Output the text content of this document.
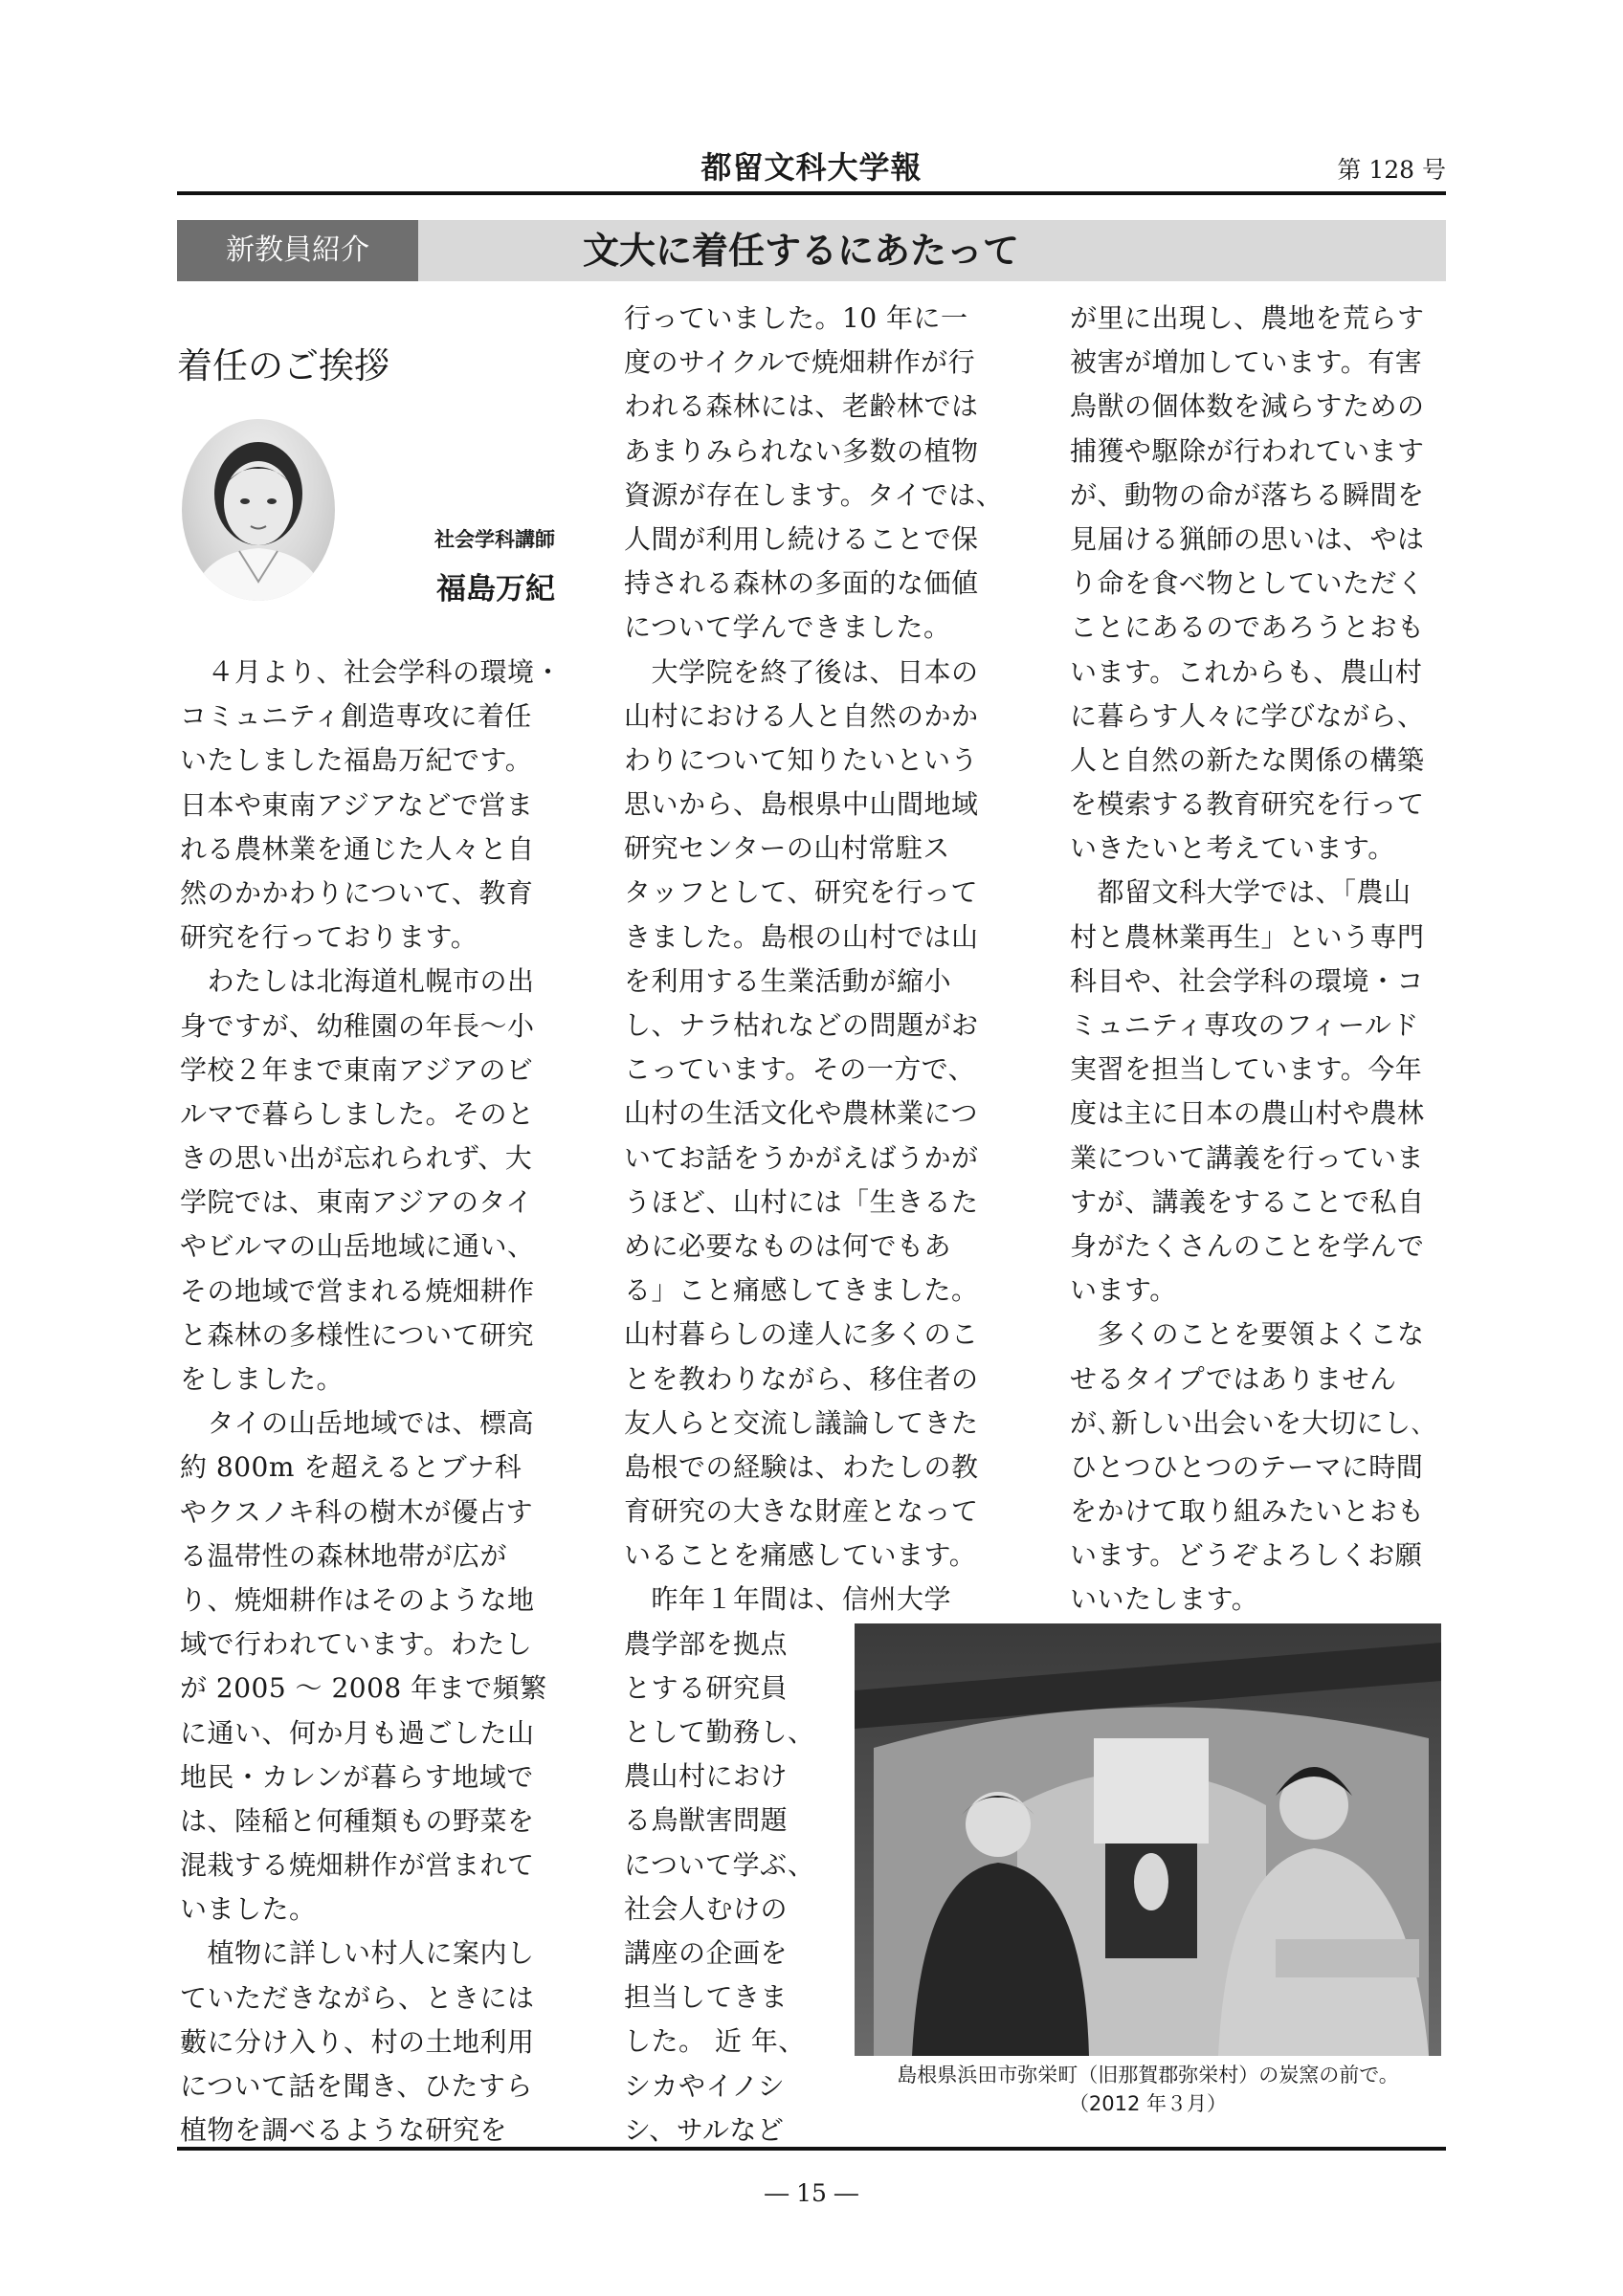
都留文科大学報	第 128 号
新教員紹介	文大に着任するにあたって
着任のご挨拶
社会学科講師
福島万紀
　４月より、社会学科の環境・
コミュニティ創造専攻に着任
いたしました福島万紀です。
日本や東南アジアなどで営ま
れる農林業を通じた人々と自
然のかかわりについて、教育
研究を行っております。
　わたしは北海道札幌市の出
身ですが、幼稚園の年長～小
学校２年まで東南アジアのビ
ルマで暮らしました。そのと
きの思い出が忘れられず、大
学院では、東南アジアのタイ
やビルマの山岳地域に通い、
その地域で営まれる焼畑耕作
と森林の多様性について研究
をしました。
　タイの山岳地域では、標高
約 800m を超えるとブナ科
やクスノキ科の樹木が優占す
る温帯性の森林地帯が広が
り、焼畑耕作はそのような地
域で行われています。わたし
が 2005 ～ 2008 年まで頻繁
に通い、何か月も過ごした山
地民・カレンが暮らす地域で
は、陸稲と何種類もの野菜を
混栽する焼畑耕作が営まれて
いました。
　植物に詳しい村人に案内し
ていただきながら、ときには
藪に分け入り、村の土地利用
について話を聞き、ひたすら
植物を調べるような研究を
行っていました。10 年に一
度のサイクルで焼畑耕作が行
われる森林には、老齢林では
あまりみられない多数の植物
資源が存在します。タイでは、
人間が利用し続けることで保
持される森林の多面的な価値
について学んできました。
　大学院を終了後は、日本の
山村における人と自然のかか
わりについて知りたいという
思いから、島根県中山間地域
研究センターの山村常駐ス
タッフとして、研究を行って
きました。島根の山村では山
を利用する生業活動が縮小
し、ナラ枯れなどの問題がお
こっています。その一方で、
山村の生活文化や農林業につ
いてお話をうかがえばうかが
うほど、山村には「生きるた
めに必要なものは何でもあ
る」こと痛感してきました。
山村暮らしの達人に多くのこ
とを教わりながら、移住者の
友人らと交流し議論してきた
島根での経験は、わたしの教
育研究の大きな財産となって
いることを痛感しています。
　昨年１年間は、信州大学
農学部を拠点
とする研究員
として勤務し、
農山村におけ
る鳥獣害問題
について学ぶ、
社会人むけの
講座の企画を
担当してきま
した。 近 年、
シカやイノシ
シ、サルなど
が里に出現し、農地を荒らす
被害が増加しています。有害
鳥獣の個体数を減らすための
捕獲や駆除が行われています
が、動物の命が落ちる瞬間を
見届ける猟師の思いは、やは
り命を食べ物としていただく
ことにあるのであろうとおも
います。これからも、農山村
に暮らす人々に学びながら、
人と自然の新たな関係の構築
を模索する教育研究を行って
いきたいと考えています。
　都留文科大学では、「農山
村と農林業再生」という専門
科目や、社会学科の環境・コ
ミュニティ専攻のフィールド
実習を担当しています。今年
度は主に日本の農山村や農林
業について講義を行っていま
すが、講義をすることで私自
身がたくさんのことを学んで
います。
　多くのことを要領よくこな
せるタイプではありません
が､新しい出会いを大切にし､
ひとつひとつのテーマに時間
をかけて取り組みたいとおも
います。どうぞよろしくお願
いいたします。
島根県浜田市弥栄町（旧那賀郡弥栄村）の炭窯の前で。
（2012 年３月）
― 15 ―
